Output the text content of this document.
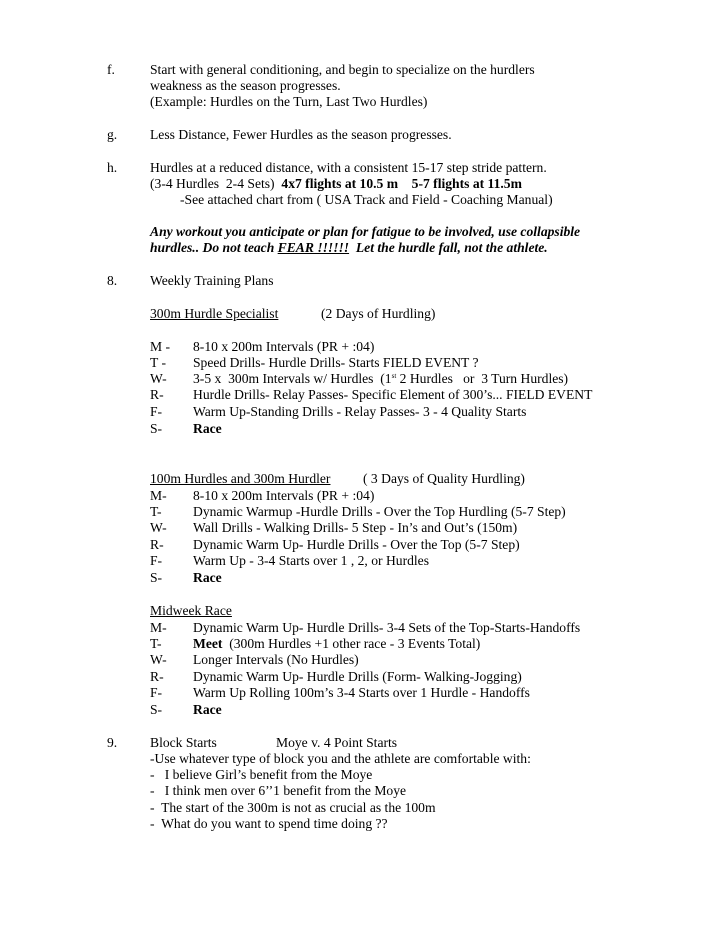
f.	Start with general conditioning, and begin to specialize on the hurdlers
weakness as the season progresses.
(Example: Hurdles on the Turn, Last Two Hurdles)
g. Less Distance, Fewer Hurdles as the season progresses.
h. Hurdles at a reduced distance, with a consistent 15-17 step stride pattern.
(3-4 Hurdles  2-4 Sets)  4x7 flights at 10.5 m    5-7 flights at 11.5m
-See attached chart from ( USA Track and Field - Coaching Manual)
Any workout you anticipate or plan for fatigue to be involved, use collapsible
hurdles.. Do not teach FEAR !!!!!!  Let the hurdle fall, not the athlete.
8. Weekly Training Plans
300m Hurdle Specialist	(2 Days of Hurdling)
M - 8-10 x 200m Intervals (PR + :04)
T - Speed Drills- Hurdle Drills- Starts FIELD EVENT ?
W- 3-5 x  300m Intervals w/ Hurdles  (1st 2 Hurdles   or  3 Turn Hurdles)
R- Hurdle Drills- Relay Passes- Specific Element of 300’s... FIELD EVENT
F- Warm Up-Standing Drills - Relay Passes- 3 - 4 Quality Starts
S- Race
100m Hurdles and 300m Hurdler ( 3 Days of Quality Hurdling)
M- 8-10 x 200m Intervals (PR + :04)
T- Dynamic Warmup -Hurdle Drills - Over the Top Hurdling (5-7 Step)
W- Wall Drills - Walking Drills- 5 Step - In’s and Out’s (150m)
R- Dynamic Warm Up- Hurdle Drills - Over the Top (5-7 Step)
F- Warm Up - 3-4 Starts over 1 , 2, or Hurdles
S- Race
Midweek Race
M- Dynamic Warm Up- Hurdle Drills- 3-4 Sets of the Top-Starts-Handoffs
T- Meet  (300m Hurdles +1 other race - 3 Events Total)
W- Longer Intervals (No Hurdles)
R- Dynamic Warm Up- Hurdle Drills (Form- Walking-Jogging)
F- Warm Up Rolling 100m’s 3-4 Starts over 1 Hurdle - Handoffs
S- Race
9. Block Starts	Moye v. 4 Point Starts
-Use whatever type of block you and the athlete are comfortable with:
-   I believe Girl’s benefit from the Moye
-   I think men over 6’’1 benefit from the Moye
-  The start of the 300m is not as crucial as the 100m
-  What do you want to spend time doing ??
